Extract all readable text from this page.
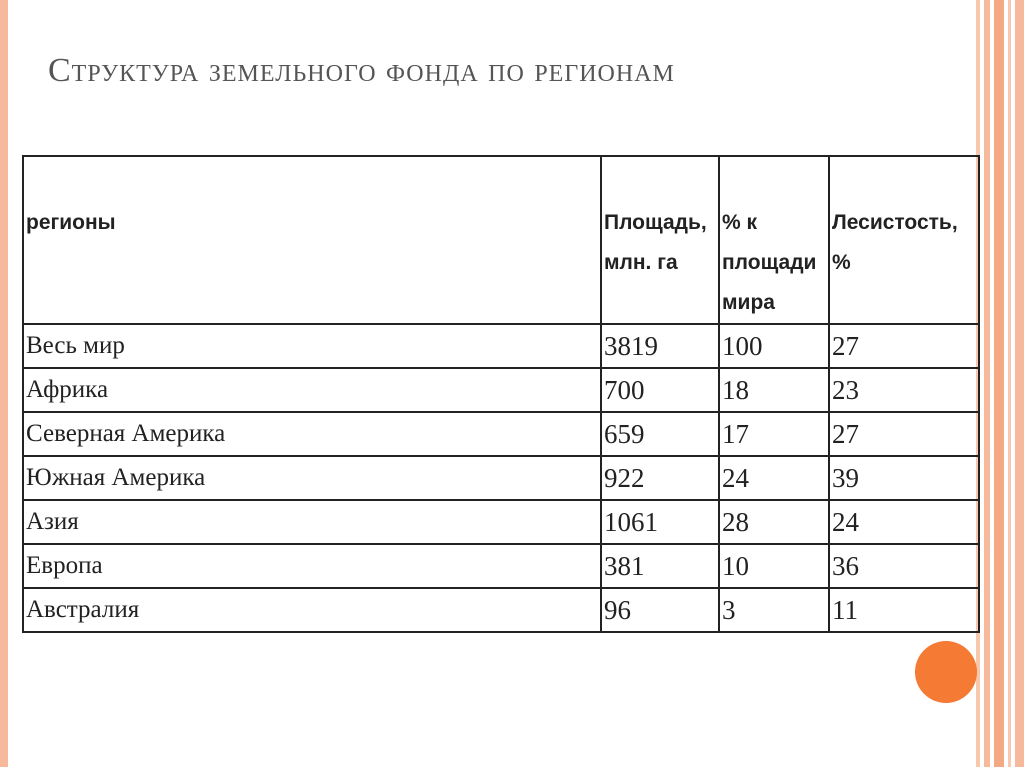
Структура земельного фонда по регионам
регионы	Площадь, млн. га	% к площади мира	Лесистость, %
Весь мир	3819	100	27
Африка	700	18	23
Северная Америка	659	17	27
Южная Америка	922	24	39
Азия	1061	28	24
Европа	381	10	36
Австралия	96	3	11
